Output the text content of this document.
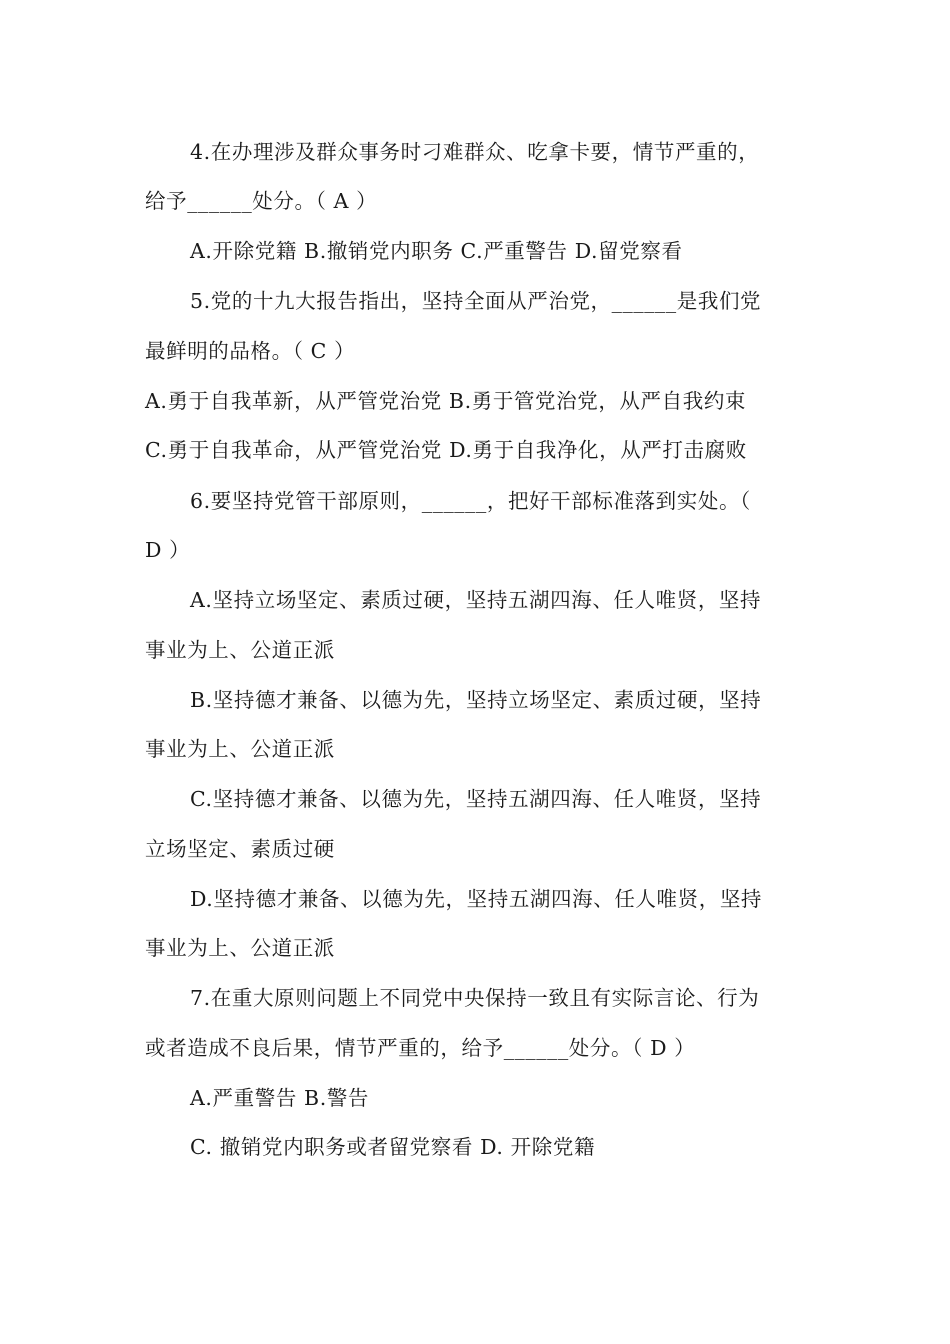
4.在办理涉及群众事务时刁难群众、吃拿卡要，情节严重的，
给予______处分。（ A ）
A.开除党籍 B.撤销党内职务 C.严重警告 D.留党察看
5.党的十九大报告指出，坚持全面从严治党，______是我们党
最鲜明的品格。（ C ）
A.勇于自我革新，从严管党治党 B.勇于管党治党，从严自我约束
C.勇于自我革命，从严管党治党 D.勇于自我净化，从严打击腐败
6.要坚持党管干部原则，______，把好干部标准落到实处。（
D ）
A.坚持立场坚定、素质过硬，坚持五湖四海、任人唯贤，坚持
事业为上、公道正派
B.坚持德才兼备、以德为先，坚持立场坚定、素质过硬，坚持
事业为上、公道正派
C.坚持德才兼备、以德为先，坚持五湖四海、任人唯贤，坚持
立场坚定、素质过硬
D.坚持德才兼备、以德为先，坚持五湖四海、任人唯贤，坚持
事业为上、公道正派
7.在重大原则问题上不同党中央保持一致且有实际言论、行为
或者造成不良后果，情节严重的，给予______处分。（ D ）
A.严重警告 B.警告
C. 撤销党内职务或者留党察看 D. 开除党籍
